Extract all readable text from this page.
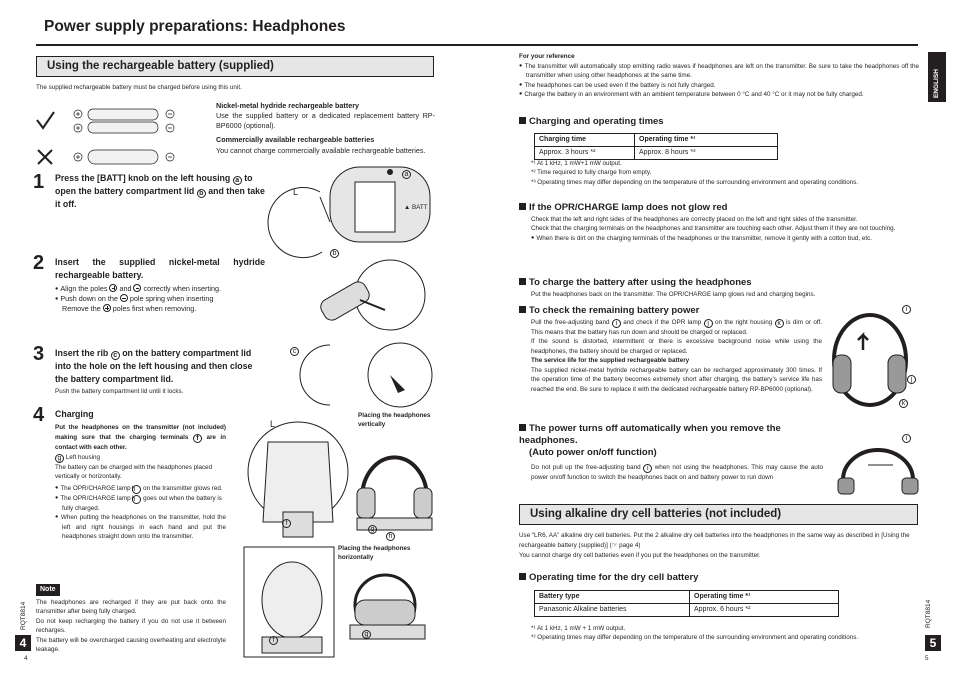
Power supply preparations: Headphones
Using the rechargeable battery (supplied)
The supplied rechargeable battery must be charged before using this unit.
Nickel-metal hydride rechargeable battery
Use the supplied battery or a dedicated replacement battery RP-BP6000 (optional).
Commercially available rechargeable batteries
You cannot charge commercially available rechargeable batteries.
1 Press the [BATT] knob on the left housing a to open the battery compartment lid b and then take it off.
2 Insert the supplied nickel-metal hydride rechargeable battery.
● Align the poles and correctly when inserting.
● Push down on the pole spring when inserting
Remove the poles first when removing.
3 Insert the rib c on the battery compartment lid into the hole on the left housing and then close the battery compartment lid.
Push the battery compartment lid until it locks.
4 Charging
Put the headphones on the transmitter (not included) making sure that the charging terminals f are in contact with each other.
g Left housing
The battery can be charged with the headphones placed vertically or horizontally.
● The OPR/CHARGE lamp h on the transmitter glows red.
● The OPR/CHARGE lamp h goes out when the battery is fully charged.
● When putting the headphones on the transmitter, hold the left and right housings in each hand and put the headphones straight down onto the transmitter.
Note
The headphones are recharged if they are put back onto the transmitter after being fully charged.
Do not keep recharging the battery if you do not use it between recharges.
The battery will be overcharged causing overheating and electrolyte leakage.
4
4
RQT8814
L
a
▲ BATT
b
c
L
f
Placing the headphones vertically
g
h
Placing the headphones horizontally
f
g
For your reference
● The transmitter will automatically stop emitting radio waves if headphones are left on the transmitter. Be sure to take the headphones off the transmitter when using other headphones at the same time.
● The headphones can be used even if the battery is not fully charged.
● Charge the battery in an environment with an ambient temperature between 0 °C and 40 °C or it may not be fully charged.
Charging and operating times
Charging time	Operating time *¹
Approx. 3 hours *²	Approx. 8 hours *³
*¹ At 1 kHz, 1 mW+1 mW output.
*² Time required to fully charge from empty.
*³ Operating times may differ depending on the temperature of the surrounding environment and operating conditions.
If the OPR/CHARGE lamp does not glow red
Check that the left and right sides of the headphones are correctly placed on the left and right sides of the transmitter.
Check that the charging terminals on the headphones and transmitter are touching each other. Adjust them if they are not touching.
● When there is dirt on the charging terminals of the headphones or the transmitter, remove it gently with a cotton bud, etc.
To charge the battery after using the headphones
Put the headphones back on the transmitter. The OPR/CHARGE lamp glows red and charging begins.
To check the remaining battery power
Pull the free-adjusting band i and check if the OPR lamp j on the right housing k is dim or off. This means that the battery has run down and should be charged or replaced.
If the sound is distorted, intermittent or there is excessive background noise while using the headphones, the battery should be charged or replaced.
The service life for the supplied rechargeable battery
The supplied nickel-metal hydride rechargeable battery can be recharged approximately 300 times. If the operation time of the battery becomes extremely short after charging, the battery’s service life has reached the end. Be sure to replace it with the dedicated rechargeable battery RP-BP6000 (optional).
i
j
k
The power turns off automatically when you remove the headphones.
(Auto power on/off function)
Do not pull up the free-adjusting band i when not using the headphones. This may cause the auto power on/off function to switch the headphones back on and battery power to run down
i
Using alkaline dry cell batteries (not included)
Use “LR6, AA” alkaline dry cell batteries. Put the 2 alkaline dry cell batteries into the headphones in the same way as described in [Using the rechargeable battery (supplied)] (☞ page 4)
You cannot charge dry cell batteries even if you put the headphones on the transmitter.
Operating time for the dry cell battery
Battery type	Operating time *¹
Panasonic Alkaline batteries	Approx. 6 hours *²
*¹ At 1 kHz, 1 mW + 1 mW output.
*² Operating times may differ depending on the temperature of the surrounding environment and operating conditions.
ENGLISH
5
5
RQT8814
